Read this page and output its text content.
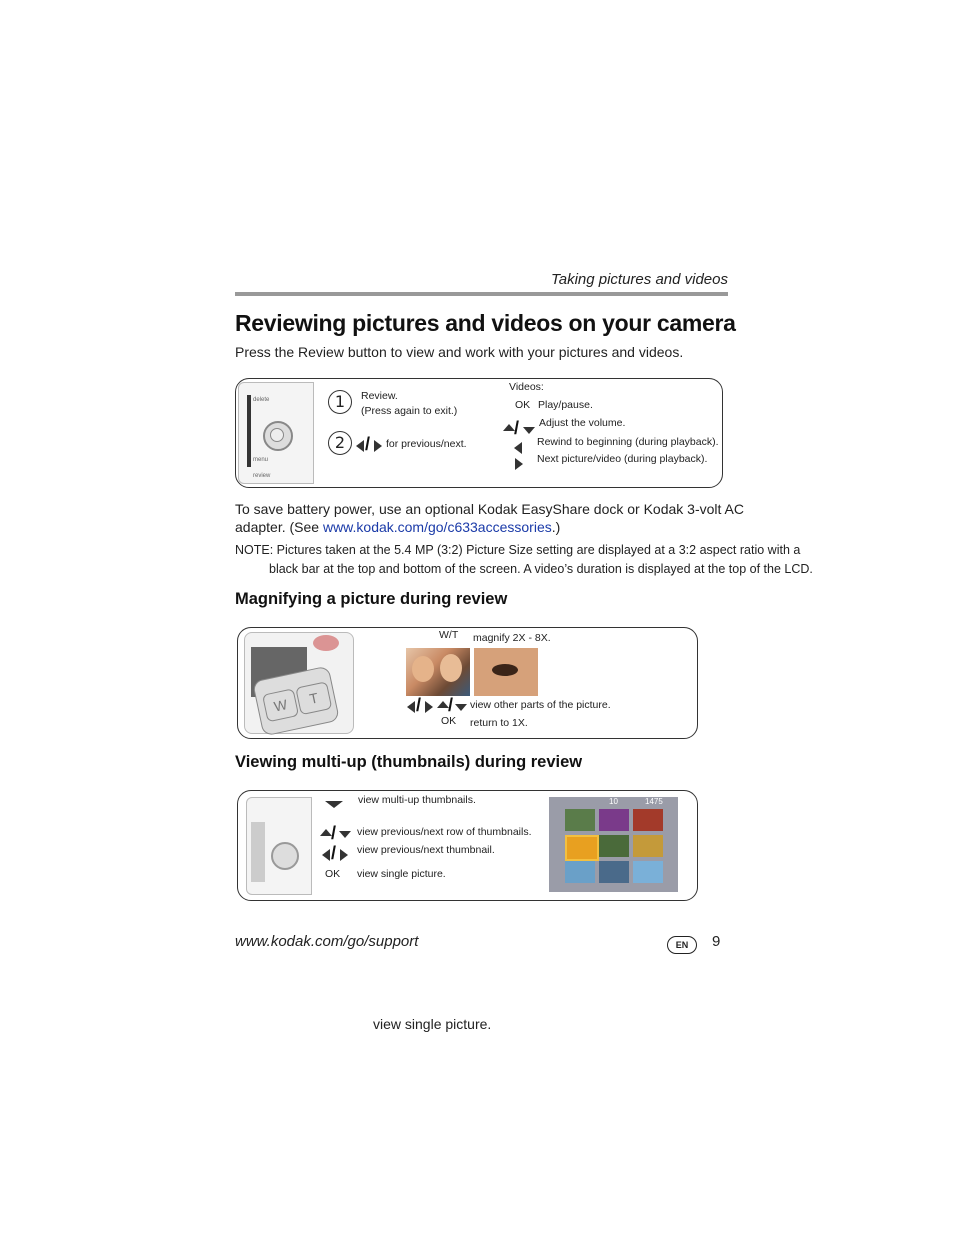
Taking pictures and videos
Reviewing pictures and videos on your camera
Press the Review button to view and work with your pictures and videos.
delete
menu
review
1	Review.
(Press again to exit.)
2	/ for previous/next.
Videos:
OK Play/pause.
/ Adjust the volume.
Rewind to beginning (during playback).
Next picture/video (during playback).
To save battery power, use an optional Kodak EasyShare dock or Kodak 3-volt AC
adapter. (See www.kodak.com/go/c633accessories.)
NOTE: Pictures taken at the 5.4 MP (3:2) Picture Size setting are displayed at a 3:2 aspect ratio with a
black bar at the top and bottom of the screen. A video’s duration is displayed at the top of the LCD.
Magnifying a picture during review
W	T
W/T magnify 2X - 8X.
/ / view other parts of the picture.
OK return to 1X.
Viewing multi-up (thumbnails) during review
view multi-up thumbnails.
/ view previous/next row of thumbnails.
/ view previous/next thumbnail.
OK view single picture.
10	1475
www.kodak.com/go/support	EN	9
view single picture.
